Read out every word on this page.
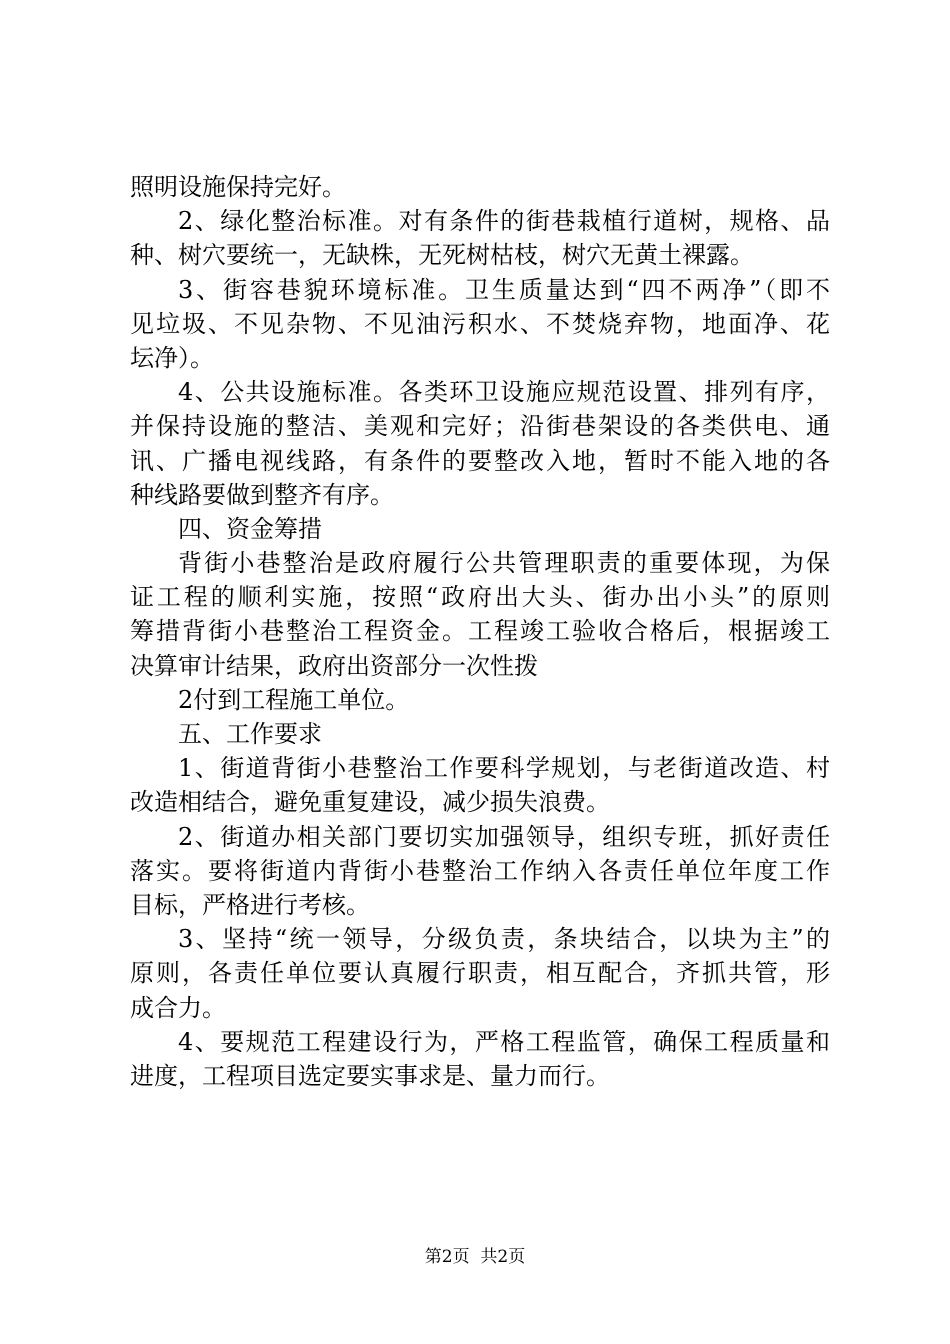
照明设施保持完好。
2、绿化整治标准。对有条件的街巷栽植行道树，规格、品
种、树穴要统一，无缺株，无死树枯枝，树穴无黄土裸露。
3、街容巷貌环境标准。卫生质量达到“四不两净”（即不
见垃圾、不见杂物、不见油污积水、不焚烧弃物，地面净、花
坛净）。
4、公共设施标准。各类环卫设施应规范设置、排列有序，
并保持设施的整洁、美观和完好；沿街巷架设的各类供电、通
讯、广播电视线路，有条件的要整改入地，暂时不能入地的各
种线路要做到整齐有序。
四、资金筹措
背街小巷整治是政府履行公共管理职责的重要体现，为保
证工程的顺利实施，按照“政府出大头、街办出小头”的原则
筹措背街小巷整治工程资金。工程竣工验收合格后，根据竣工
决算审计结果，政府出资部分一次性拨
2付到工程施工单位。
五、工作要求
1、街道背街小巷整治工作要科学规划，与老街道改造、村
改造相结合，避免重复建设，减少损失浪费。
2、街道办相关部门要切实加强领导，组织专班，抓好责任
落实。要将街道内背街小巷整治工作纳入各责任单位年度工作
目标，严格进行考核。
3、坚持“统一领导，分级负责，条块结合，以块为主”的
原则，各责任单位要认真履行职责，相互配合，齐抓共管，形
成合力。
4、要规范工程建设行为，严格工程监管，确保工程质量和
进度，工程项目选定要实事求是、量力而行。
第2页  共2页
